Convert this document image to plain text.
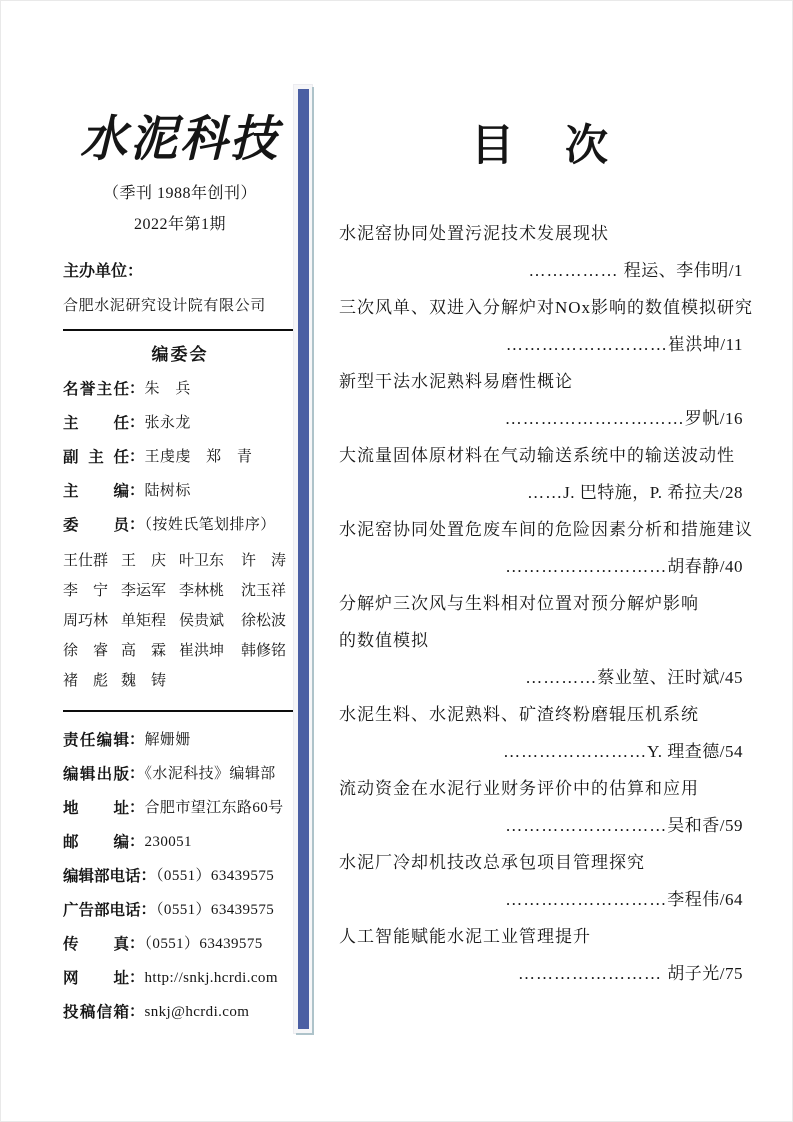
水泥科技
（季刊 1988年创刊）
2022年第1期
主办单位：
合肥水泥研究设计院有限公司
编委会
名誉主任：朱　兵
主任：张永龙
副主任：王虔虔　郑　青
主编：陆树标
委员：（按姓氏笔划排序）
王仕群 王　庆 叶卫东	许　涛
李　宁 李运军 李林桃	沈玉祥
周巧林 单矩程 侯贵斌	徐松波
徐　睿 高　霖 崔洪坤	韩修铭
褚　彪 魏　铸
责任编辑：解姗姗
编辑出版：《水泥科技》编辑部
地址：合肥市望江东路60号
邮编：230051
编辑部电话：（0551）63439575
广告部电话：（0551）63439575
传真：（0551）63439575
网址：http://snkj.hcrdi.com
投稿信箱：snkj@hcrdi.com
目　次
水泥窑协同处置污泥技术发展现状
…………… 程运、李伟明/1
三次风单、双进入分解炉对NOx影响的数值模拟研究
………………………崔洪坤/11
新型干法水泥熟料易磨性概论
…………………………罗帆/16
大流量固体原材料在气动输送系统中的输送波动性
……J. 巴特施，P. 希拉夫/28
水泥窑协同处置危废车间的危险因素分析和措施建议
………………………胡春静/40
分解炉三次风与生料相对位置对预分解炉影响
的数值模拟
…………蔡业堃、汪时斌/45
水泥生料、水泥熟料、矿渣终粉磨辊压机系统
……………………Y. 理查德/54
流动资金在水泥行业财务评价中的估算和应用
………………………吴和香/59
水泥厂冷却机技改总承包项目管理探究
………………………李程伟/64
人工智能赋能水泥工业管理提升
…………………… 胡子光/75
